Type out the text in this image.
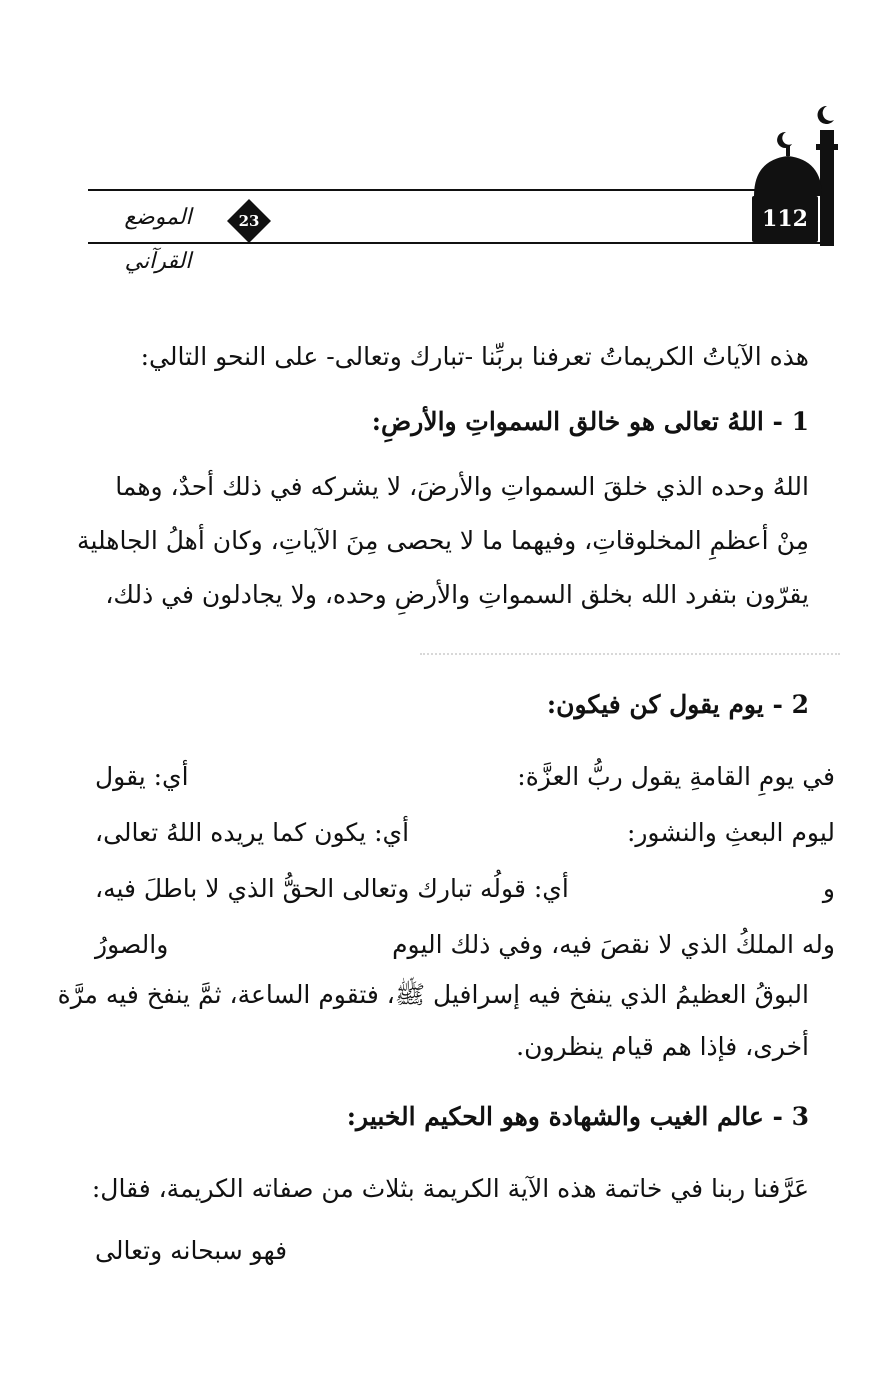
112
23
الموضع القرآني
هذه الآياتُ الكريماتُ تعرفنا بربِّنا -تبارك وتعالى- على النحو التالي:
1 - اللهُ تعالى هو خالق السمواتِ والأرضِ:
اللهُ وحده الذي خلقَ السمواتِ والأرضَ، لا يشركه في ذلك أحدٌ، وهما
مِنْ أعظمِ المخلوقاتِ، وفيهما ما لا يحصى مِنَ الآياتِ، وكان أهلُ الجاهلية
يقرّون بتفرد الله بخلق السمواتِ والأرضِ وحده، ولا يجادلون في ذلك،
2 - يوم يقول كن فيكون:
في يومِ القامةِ يقول ربُّ العزَّة:
أي: يقول
ليوم البعثِ والنشور:
أي: يكون كما يريده اللهُ تعالى،
و
أي: قولُه تبارك وتعالى الحقُّ الذي لا باطلَ فيه،
وله الملكُ الذي لا نقصَ فيه، وفي ذلك اليوم
والصورُ
البوقُ العظيمُ الذي ينفخ فيه إسرافيل ﷺ، فتقوم الساعة، ثمَّ ينفخ فيه مرَّة
أخرى، فإذا هم قيام ينظرون.
3 - عالم الغيب والشهادة وهو الحكيم الخبير:
عَرَّفنا ربنا في خاتمة هذه الآية الكريمة بثلاث من صفاته الكريمة، فقال:
فهو سبحانه وتعالى
